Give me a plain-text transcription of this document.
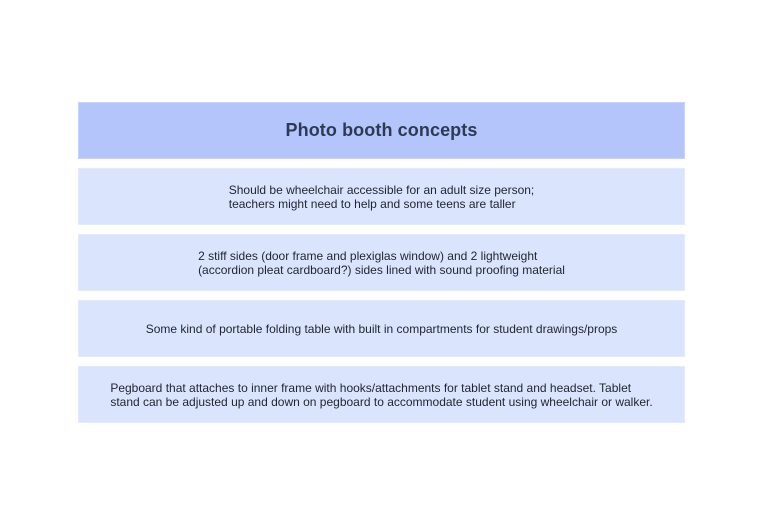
Photo booth concepts
Should be wheelchair accessible for an adult size person;
teachers might need to help and some teens are taller
2 stiff sides (door frame and plexiglas window) and 2 lightweight
(accordion pleat cardboard?) sides lined with sound proofing material
Some kind of portable folding table with built in compartments for student drawings/props
Pegboard that attaches to inner frame with hooks/attachments for tablet stand and headset. Tablet
stand can be adjusted up and down on pegboard to accommodate student using wheelchair or walker.
